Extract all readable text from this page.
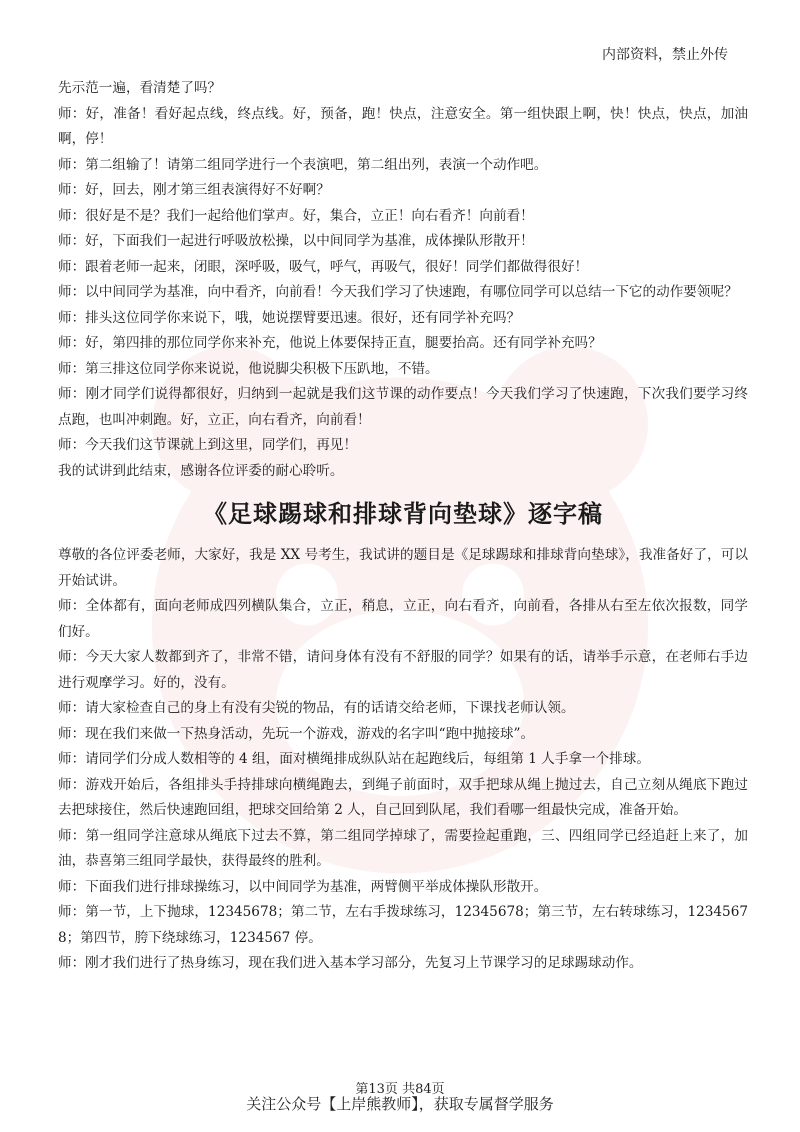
内部资料，禁止外传

先示范一遍，看清楚了吗？

师：好，准备！看好起点线，终点线。好，预备，跑！快点，注意安全。第一组快跟上啊，快！快点，快点，加油啊，停！

师：第二组输了！请第二组同学进行一个表演吧，第二组出列，表演一个动作吧。

师：好，回去，刚才第三组表演得好不好啊？

师：很好是不是？我们一起给他们掌声。好，集合，立正！向右看齐！向前看！

师：好，下面我们一起进行呼吸放松操，以中间同学为基准，成体操队形散开！

师：跟着老师一起来，闭眼，深呼吸，吸气，呼气，再吸气，很好！同学们都做得很好！

师：以中间同学为基准，向中看齐，向前看！今天我们学习了快速跑，有哪位同学可以总结一下它的动作要领呢？

师：排头这位同学你来说下，哦，她说摆臂要迅速。很好，还有同学补充吗？

师：好，第四排的那位同学你来补充，他说上体要保持正直，腿要抬高。还有同学补充吗？

师：第三排这位同学你来说说，他说脚尖积极下压趴地，不错。

师：刚才同学们说得都很好，归纳到一起就是我们这节课的动作要点！今天我们学习了快速跑，下次我们要学习终点跑，也叫冲刺跑。好，立正，向右看齐，向前看！

师：今天我们这节课就上到这里，同学们，再见！

我的试讲到此结束，感谢各位评委的耐心聆听。

《足球踢球和排球背向垫球》逐字稿

尊敬的各位评委老师，大家好，我是 XX 号考生，我试讲的题目是《足球踢球和排球背向垫球》，我准备好了，可以开始试讲。

师：全体都有，面向老师成四列横队集合，立正，稍息，立正，向右看齐，向前看，各排从右至左依次报数，同学们好。

师：今天大家人数都到齐了，非常不错，请问身体有没有不舒服的同学？如果有的话，请举手示意，在老师右手边进行观摩学习。好的，没有。

师：请大家检查自己的身上有没有尖锐的物品，有的话请交给老师，下课找老师认领。

师：现在我们来做一下热身活动，先玩一个游戏，游戏的名字叫“跑中抛接球”。

师：请同学们分成人数相等的 4 组，面对横绳排成纵队站在起跑线后，每组第 1 人手拿一个排球。

师：游戏开始后，各组排头手持排球向横绳跑去，到绳子前面时，双手把球从绳上抛过去，自己立刻从绳底下跑过去把球接住，然后快速跑回组，把球交回给第 2 人，自己回到队尾，我们看哪一组最快完成，准备开始。

师：第一组同学注意球从绳底下过去不算，第二组同学掉球了，需要捡起重跑，三、四组同学已经追赶上来了，加油，恭喜第三组同学最快，获得最终的胜利。

师：下面我们进行排球操练习，以中间同学为基准，两臂侧平举成体操队形散开。

师：第一节，上下抛球，12345678；第二节，左右手拨球练习，12345678；第三节，左右转球练习，12345678；第四节，胯下绕球练习，1234567 停。

师：刚才我们进行了热身练习，现在我们进入基本学习部分，先复习上节课学习的足球踢球动作。

第13页 共84页
关注公众号【上岸熊教师】，获取专属督学服务
